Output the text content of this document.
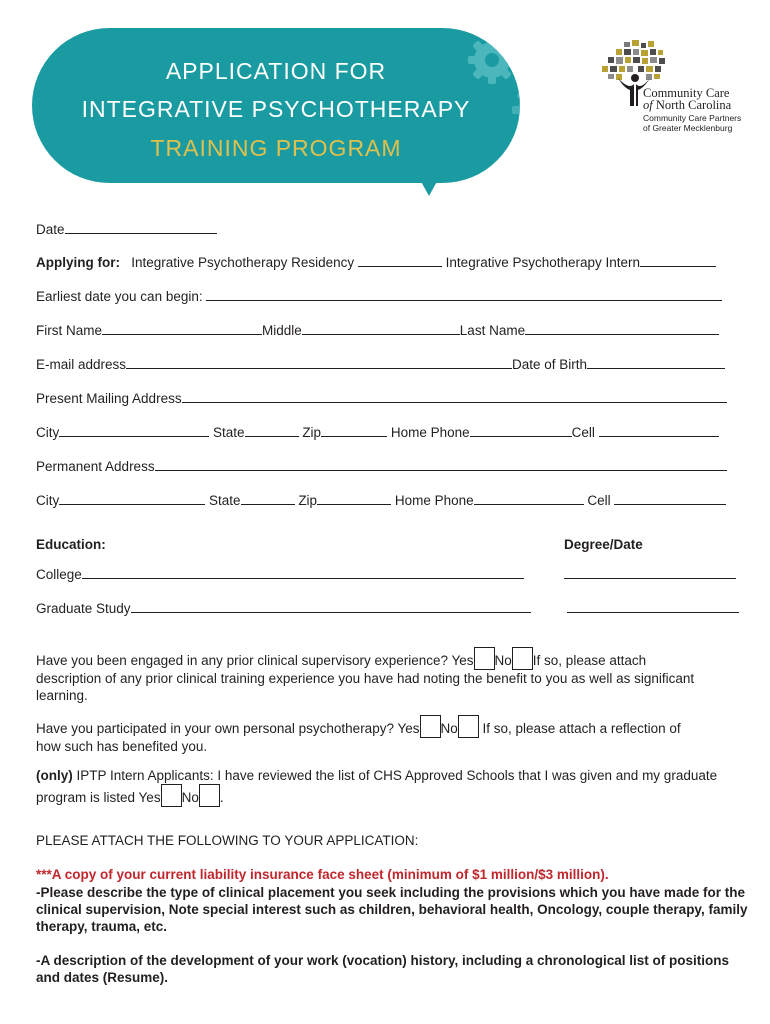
APPLICATION FOR
INTEGRATIVE PSYCHOTHERAPY
TRAINING PROGRAM
Community Care
of North Carolina
Community Care Partners
of Greater Mecklenburg
Date
Applying for: Integrative Psychotherapy Residency	Integrative Psychotherapy Intern
Earliest date you can begin:
First Name	Middle	Last Name
E-mail address	Date of Birth
Present Mailing Address
City	State	Zip	Home Phone	Cell
Permanent Address
City	State	Zip	Home Phone	Cell
Education:	Degree/Date
College
Graduate Study
Have you been engaged in any prior clinical supervisory experience? Yes No If so, please attach
description of any prior clinical training experience you have had noting the benefit to you as well as significant learning.
Have you participated in your own personal psychotherapy? Yes No If so, please attach a reflection of
how such has benefited you.
(only) IPTP Intern Applicants: I have reviewed the list of CHS Approved Schools that I was given and my graduate
program is listed Yes No .
PLEASE ATTACH THE FOLLOWING TO YOUR APPLICATION:
***A copy of your current liability insurance face sheet (minimum of $1 million/$3 million).
-Please describe the type of clinical placement you seek including the provisions which you have made for the clinical supervision, Note special interest such as children, behavioral health, Oncology, couple therapy, family therapy, trauma, etc.
-A description of the development of your work (vocation) history, including a chronological list of positions and dates (Resume).
